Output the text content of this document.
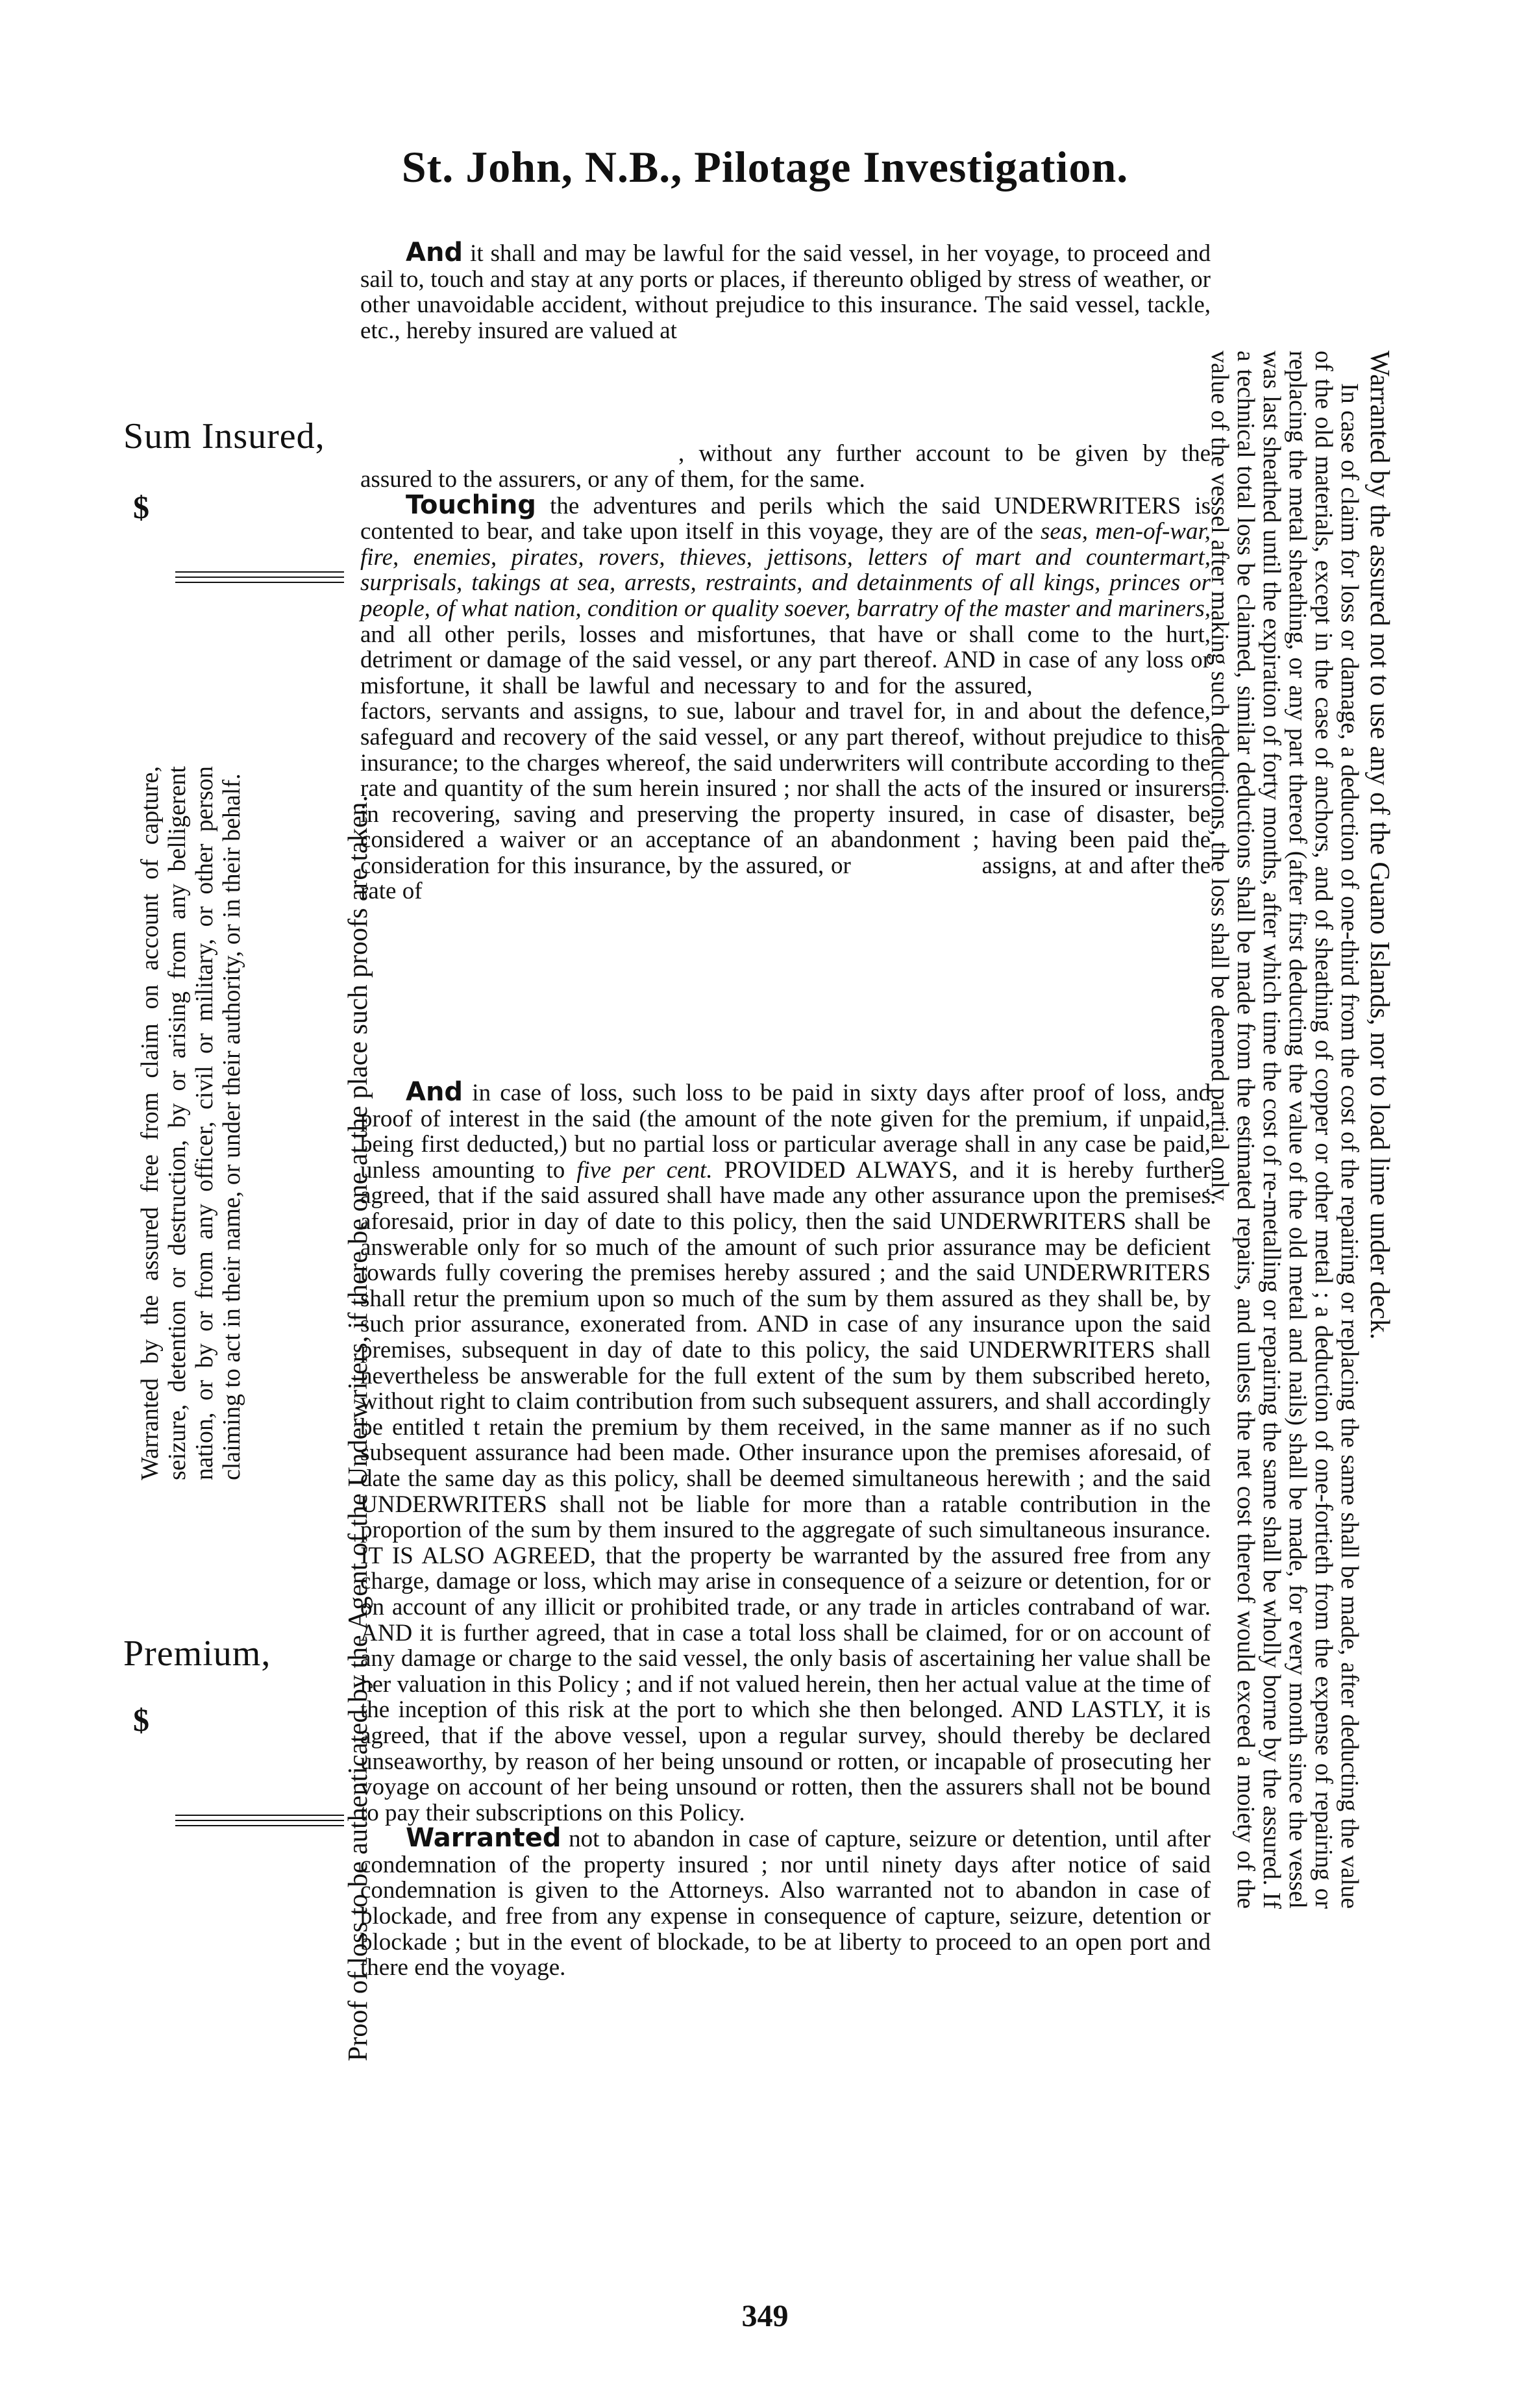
St. John, N.B., Pilotage Investigation.
Sum Insured,
$
Premium,
$

Warranted by the assured free from claim on account of capture, seizure, detention or destruction, by or arising from any belligerent nation, or by or from any officer, civil or military, or other person claiming to act in their name, or under their authority, or in their behalf.	Proof of loss to be authenticated by the Agent of the Underwriters, if there be one at the place such proofs are taken.

And it shall and may be lawful for the said vessel, in her voyage, to proceed and sail to, touch and stay at any ports or places, if thereunto obliged by stress of weather, or other unavoidable accident, without prejudice to this insurance. The said vessel, tackle, etc., hereby insured are valued at

, without any further account to be given by the assured to the assurers, or any of them, for the same.

Touching the adventures and perils which the said UNDERWRITERS is contented to bear, and take upon itself in this voyage, they are of the seas, men-of-war, fire, enemies, pirates, rovers, thieves, jettisons, letters of mart and countermart, surprisals, takings at sea, arrests, restraints, and detainments of all kings, princes or people, of what nation, condition or quality soever, barratry of the master and mariners, and all other perils, losses and misfortunes, that have or shall come to the hurt, detriment or damage of the said vessel, or any part thereof. AND in case of any loss or misfortune, it shall be lawful and necessary to and for the assured,  factors, servants and assigns, to sue, labour and travel for, in and about the defence, safeguard and recovery of the said vessel, or any part thereof, without prejudice to this insurance; to the charges whereof, the said underwriters will contribute according to the rate and quantity of the sum herein insured ; nor shall the acts of the insured or insurers in recovering, saving and preserving the property insured, in case of disaster, be considered a waiver or an acceptance of an abandonment ; having been paid the consideration for this insurance, by the assured, or	assigns, at and after the rate of

And in case of loss, such loss to be paid in sixty days after proof of loss, and proof of interest in the said (the amount of the note given for the premium, if unpaid, being first deducted,) but no partial loss or particular average shall in any case be paid, unless amounting to five per cent. PROVIDED ALWAYS, and it is hereby further agreed, that if the said assured shall have made any other assurance upon the premises aforesaid, prior in day of date to this policy, then the said UNDERWRITERS shall be answerable only for so much of the amount of such prior assurance may be deficient towards fully covering the premises hereby assured ; and the said UNDERWRITERS shall retur the premium upon so much of the sum by them assured as they shall be, by such prior assurance, exonerated from. AND in case of any insurance upon the said premises, subsequent in day of date to this policy, the said UNDERWRITERS shall nevertheless be answerable for the full extent of the sum by them subscribed hereto, without right to claim contribution from such subsequent assurers, and shall accordingly be entitled t retain the premium by them received, in the same manner as if no such subsequent assurance had been made. Other insurance upon the premises aforesaid, of date the same day as this policy, shall be deemed simultaneous herewith ; and the said UNDERWRITERS shall not be liable for more than a ratable contribution in the proportion of the sum by them insured to the aggregate of such simultaneous insurance. IT IS ALSO AGREED, that the property be warranted by the assured free from any charge, damage or loss, which may arise in consequence of a seizure or detention, for or on account of any illicit or prohibited trade, or any trade in articles contraband of war. AND it is further agreed, that in case a total loss shall be claimed, for or on account of any damage or charge to the said vessel, the only basis of ascertaining her value shall be her valuation in this Policy ; and if not valued herein, then her actual value at the time of the inception of this risk at the port to which she then belonged. AND LASTLY, it is agreed, that if the above vessel, upon a regular survey, should thereby be declared unseaworthy, by reason of her being unsound or rotten, or incapable of prosecuting her voyage on account of her being unsound or rotten, then the assurers shall not be bound to pay their subscriptions on this Policy.

Warranted not to abandon in case of capture, seizure or detention, until after condemnation of the property insured ; nor until ninety days after notice of said condemnation is given to the Attorneys. Also warranted not to abandon in case of blockade, and free from any expense in consequence of capture, seizure, detention or blockade ; but in the event of blockade, to be at liberty to proceed to an open port and there end the voyage.

Warranted by the assured not to use any of the Guano Islands, nor to load lime under deck.

In case of claim for loss or damage, a deduction of one-third from the cost of the repairing or replacing the same shall be made, after deducting the value of the old materials, except in the case of anchors, and of sheathing of copper or other metal ; a deduction of one-fortieth from the expense of repairing or replacing the metal sheathing, or any part thereof (after first deducting the value of the old metal and nails) shall be made, for every month since the vessel was last sheathed until the expiration of forty months, after which time the cost of re-metalling or repairing the same shall be wholly borne by the assured. If a technical total loss be claimed, similar deductions shall be made from the estimated repairs, and unless the net cost thereof would exceed a moiety of the value of the vessel after making such deductions, the loss shall be deemed partial only.

349
